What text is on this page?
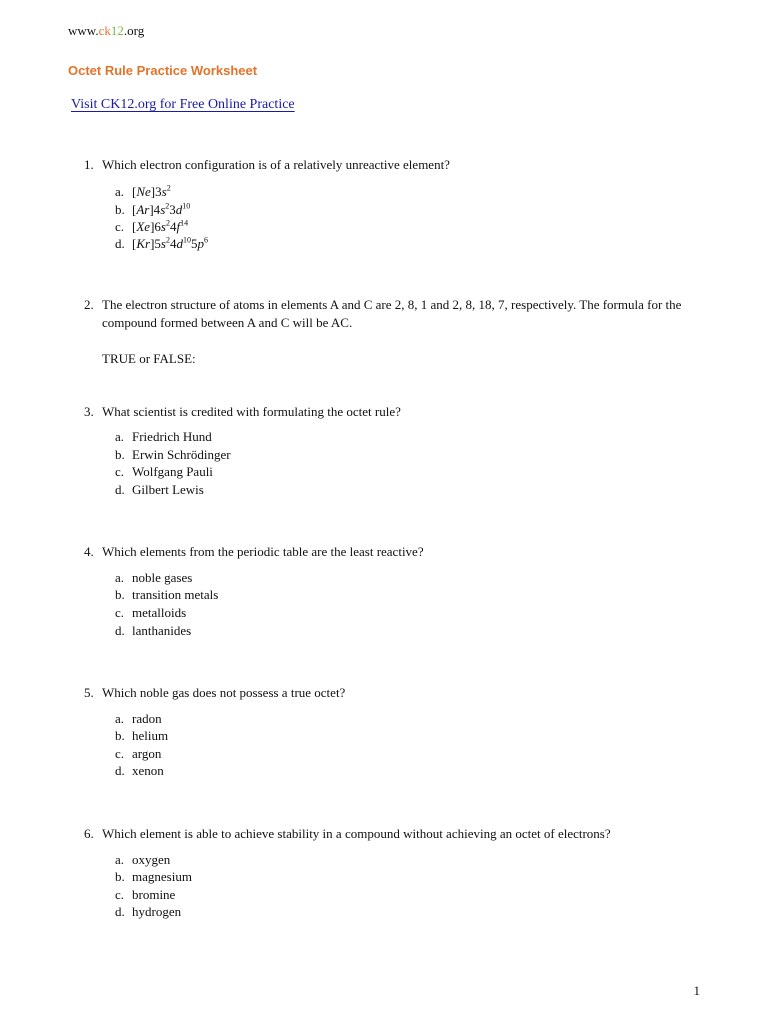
www.ck12.org
Octet Rule Practice Worksheet
Visit CK12.org for Free Online Practice
1. Which electron configuration is of a relatively unreactive element?
a. $[Ne]3s^2$
b. $[Ar]4s^23d^{10}$
c. $[Xe]6s^24f^{14}$
d. $[Kr]5s^24d^{10}5p^6$
2. The electron structure of atoms in elements A and C are 2, 8, 1 and 2, 8, 18, 7, respectively. The formula for the compound formed between A and C will be AC.
TRUE or FALSE:
3. What scientist is credited with formulating the octet rule?
a. Friedrich Hund
b. Erwin Schrödinger
c. Wolfgang Pauli
d. Gilbert Lewis
4. Which elements from the periodic table are the least reactive?
a. noble gases
b. transition metals
c. metalloids
d. lanthanides
5. Which noble gas does not possess a true octet?
a. radon
b. helium
c. argon
d. xenon
6. Which element is able to achieve stability in a compound without achieving an octet of electrons?
a. oxygen
b. magnesium
c. bromine
d. hydrogen
1
